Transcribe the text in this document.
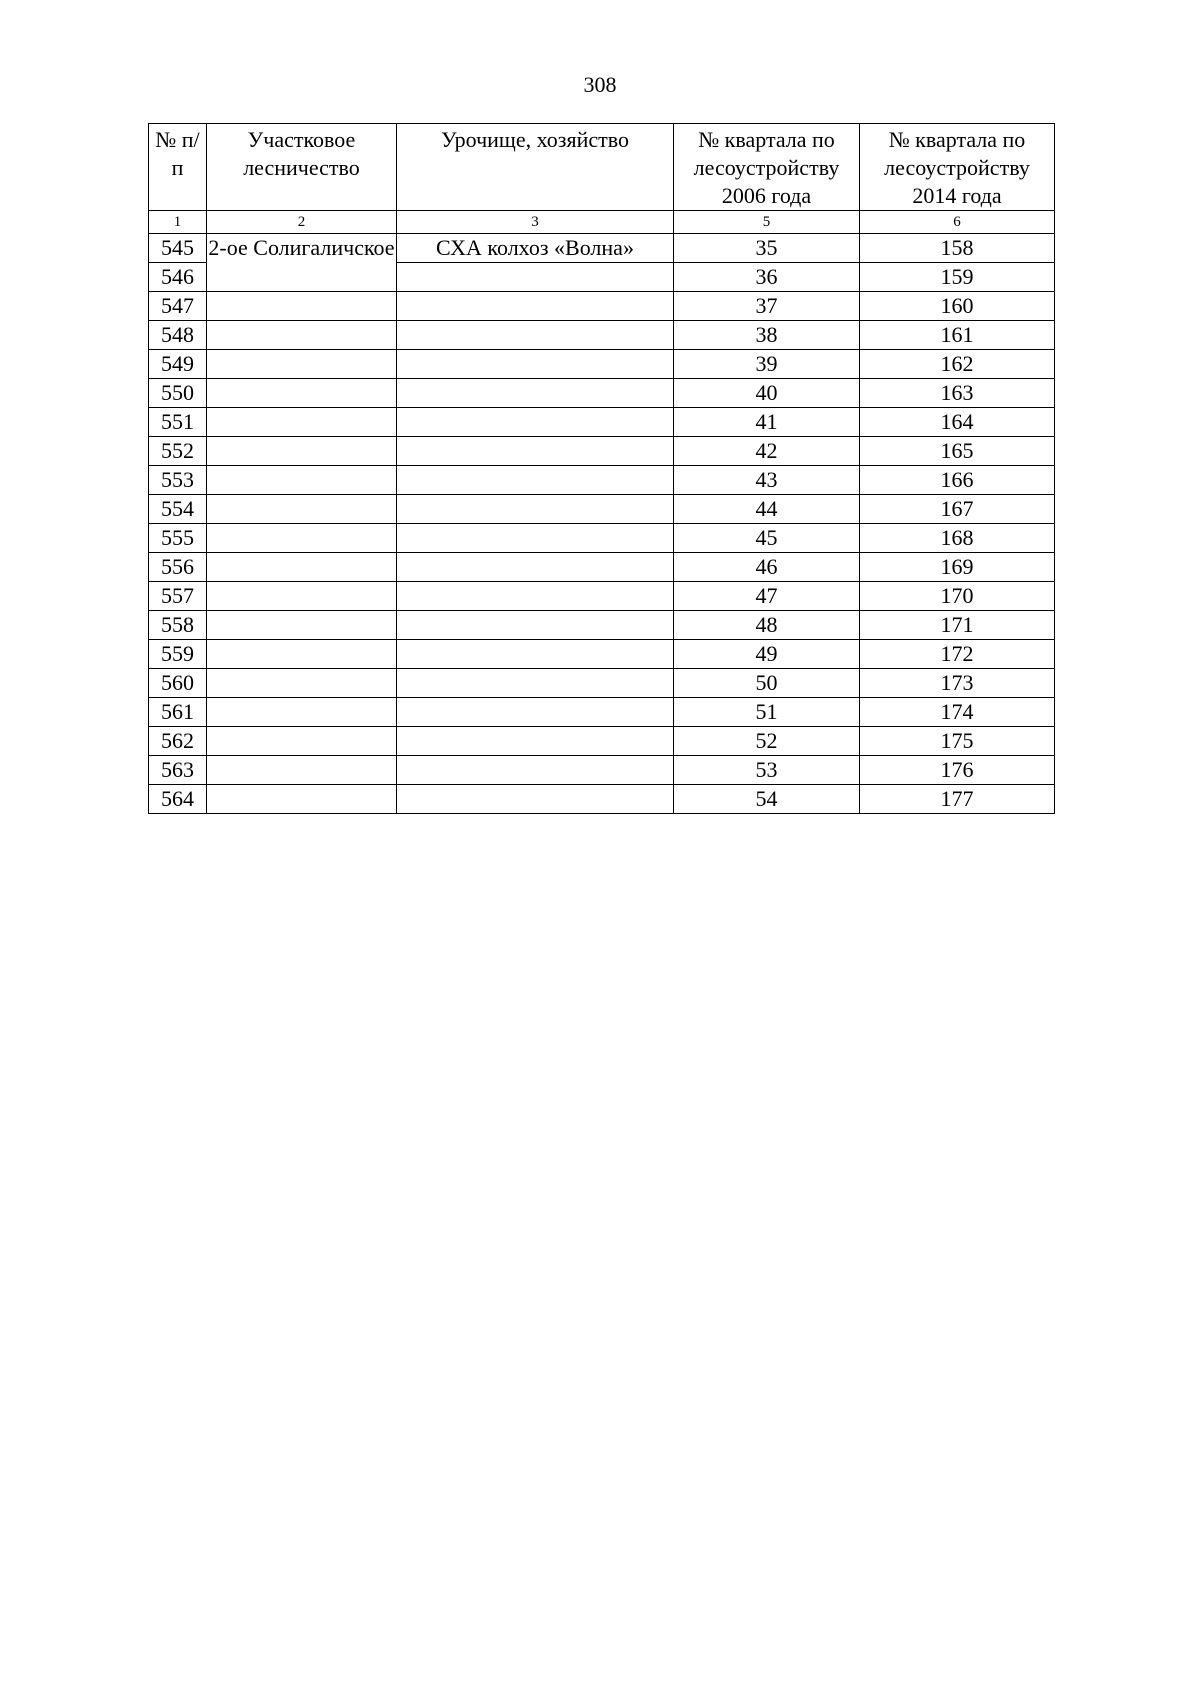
308
№ п/п	Участковое лесничество	Урочище, хозяйство	№ квартала по лесоустройству 2006 года	№ квартала по лесоустройству 2014 года
1	2	3	5	6
545	2-ое Солигаличское	СХА колхоз «Волна»	35	158
546			36	159
547			37	160
548			38	161
549			39	162
550			40	163
551			41	164
552			42	165
553			43	166
554			44	167
555			45	168
556			46	169
557			47	170
558			48	171
559			49	172
560			50	173
561			51	174
562			52	175
563			53	176
564			54	177
